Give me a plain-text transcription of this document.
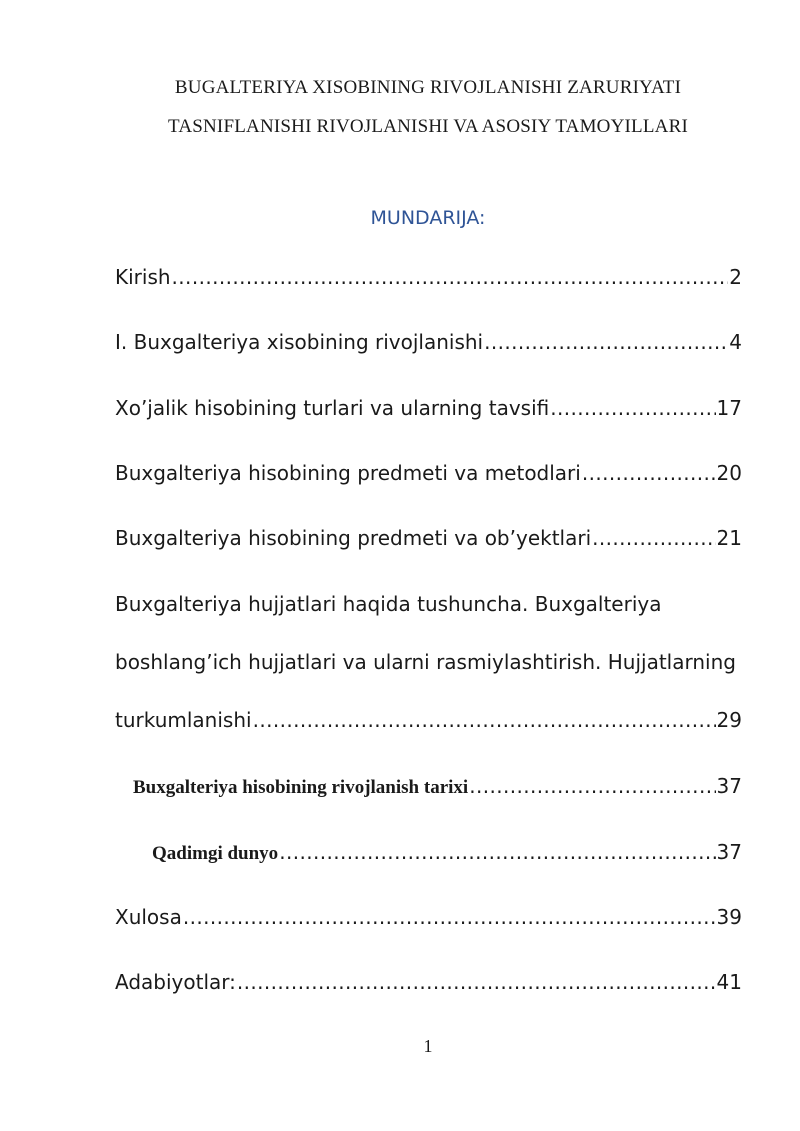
BUGALTERIYA XISOBINING RIVOJLANISHI ZARURIYATI
TASNIFLANISHI RIVOJLANISHI VA ASOSIY TAMOYILLARI
MUNDARIJA:
Kirish .....	2
I. Buxgalteriya xisobining rivojlanishi .....	4
Xo’jalik hisobining turlari va ularning tavsifi .....	17
Buxgalteriya hisobining predmeti va metodlari .....	20
Buxgalteriya hisobining predmeti va ob’yektlari .....	21
Buxgalteriya hujjatlari haqida tushuncha. Buxgalteriya
boshlang’ich hujjatlari va ularni rasmiylashtirish. Hujjatlarning
turkumlanishi .....	29
Buxgalteriya hisobining rivojlanish tarixi .....	37
Qadimgi dunyo .....	37
Xulosa .....	39
Adabiyotlar: .....	41
1
